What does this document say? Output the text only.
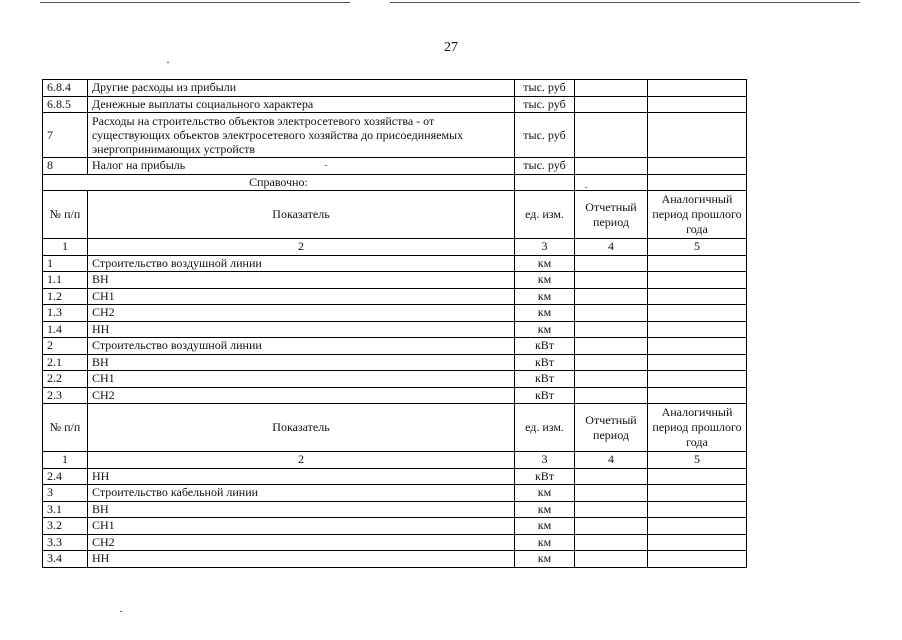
27
6.8.4	Другие расходы из прибыли	тыс. руб		
6.8.5	Денежные выплаты социального характера	тыс. руб		
7	Расходы на строительство объектов электросетевого хозяйства - от существующих объектов электросетевого хозяйства до присоединяемых энергопринимающих устройств	тыс. руб		
8	Налог на прибыль	тыс. руб		
Справочно:				
№ п/п	Показатель	ед. изм.	Отчетный период	Аналогичный период прошлого года
1	2	3	4	5
1	Строительство воздушной линии	км		
1.1	ВН	км		
1.2	СН1	км		
1.3	СН2	км		
1.4	НН	км		
2	Строительство воздушной линии	кВт		
2.1	ВН	кВт		
2.2	СН1	кВт		
2.3	СН2	кВт		
№ п/п	Показатель	ед. изм.	Отчетный период	Аналогичный период прошлого года
1	2	3	4	5
2.4	НН	кВт		
3	Строительство кабельной линии	км		
3.1	ВН	км		
3.2	СН1	км		
3.3	СН2	км		
3.4	НН	км		
